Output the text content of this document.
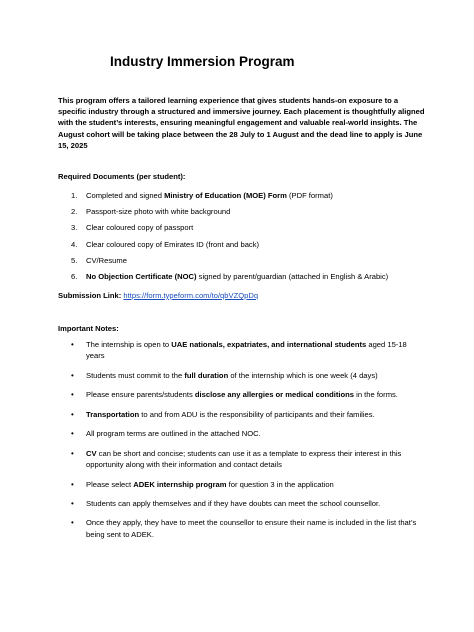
Industry Immersion Program
This program offers a tailored learning experience that gives students hands-on exposure to a specific industry through a structured and immersive journey. Each placement is thoughtfully aligned with the student’s interests, ensuring meaningful engagement and valuable real-world insights. The August cohort will be taking place between the 28 July to 1 August and the dead line to apply is June 15, 2025
Required Documents (per student):
1.	Completed and signed Ministry of Education (MOE) Form (PDF format)
2.	Passport-size photo with white background
3.	Clear coloured copy of passport
4.	Clear coloured copy of Emirates ID (front and back)
5.	CV/Resume
6.	No Objection Certificate (NOC) signed by parent/guardian (attached in English & Arabic)
Submission Link: https://form.typeform.com/to/qbVZQpDq
Important Notes:
•	The internship is open to UAE nationals, expatriates, and international students aged 15-18 years
•	Students must commit to the full duration of the internship which is one week (4 days)
•	Please ensure parents/students disclose any allergies or medical conditions in the forms.
•	Transportation to and from ADU is the responsibility of participants and their families.
•	All program terms are outlined in the attached NOC.
•	CV can be short and concise; students can use it as a template to express their interest in this opportunity along with their information and contact details
•	Please select ADEK internship program for question 3 in the application
•	Students can apply themselves and if they have doubts can meet the school counsellor.
•	Once they apply, they have to meet the counsellor to ensure their name is included in the list that’s being sent to ADEK.
